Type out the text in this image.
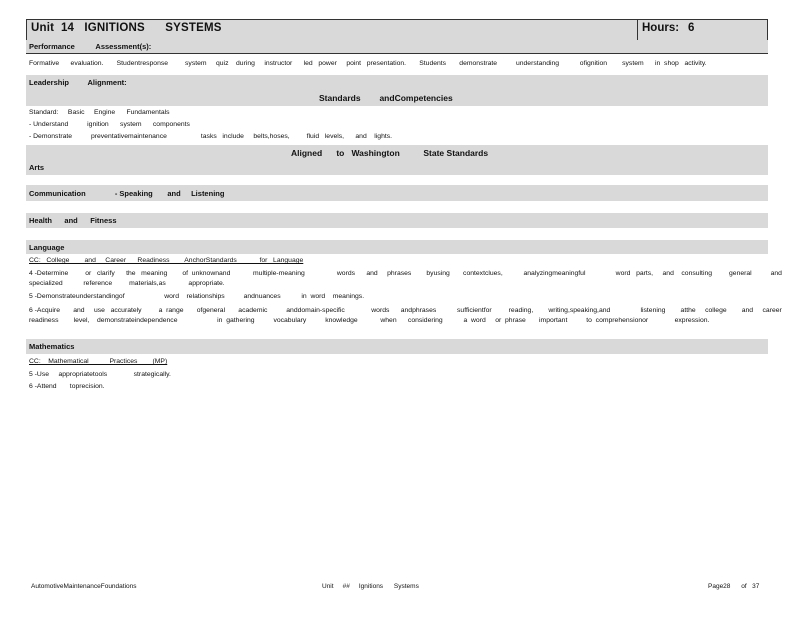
Unit  14   IGNITIONS      SYSTEMS	Hours: 6
Performance          Assessment(s):
Formative      evaluation.       Studentresponse         system     quiz    during     instructor      led   power     point   presentation.       Students       demonstrate          understanding           ofignition        system      in  shop   activity.
Leadership         Alignment:
Standards        andCompetencies
Standard:     Basic     Engine      Fundamentals
- Understand          ignition      system      components
- Demonstrate          preventativemaintenance                  tasks   include     belts,hoses,         fluid   levels,      and    lights.
Aligned      to   Washington          State Standards
Arts
Communication              - Speaking       and     Listening
Health      and      Fitness
Language
CC:   College        and     Career      Readiness        AnchorStandards            for   Language
4 -Determine         or   clarify      the   meaning        of  unknownand            multiple-meaning                 words      and     phrases        byusing       contextclues,           analyzingmeaningful                word   parts,     and    consulting         general          and
specialized           reference         materials,as            appropriate.
5 -Demonstrateunderstandingof                     word    relationships          andnuances           in  word    meanings.
6 -Acquire       and     use   accurately         a  range       ofgeneral       academic          anddomain-specific              words      andphrases           sufficientfor         reading,        writing,speaking,and                listening        atthe     college        and     career
readiness        level,    demonstrateindependence                     in  gathering          vocabulary          knowledge            when      considering           a  word     or  phrase       important          to  comprehensionor              expression.
Mathematics
CC:    Mathematical           Practices        (MP)
5 -Use     appropriatetools              strategically.
6 -Attend       toprecision.
AutomotiveMaintenanceFoundations	Unit     ##     Ignitions      Systems	Page28      of   37
